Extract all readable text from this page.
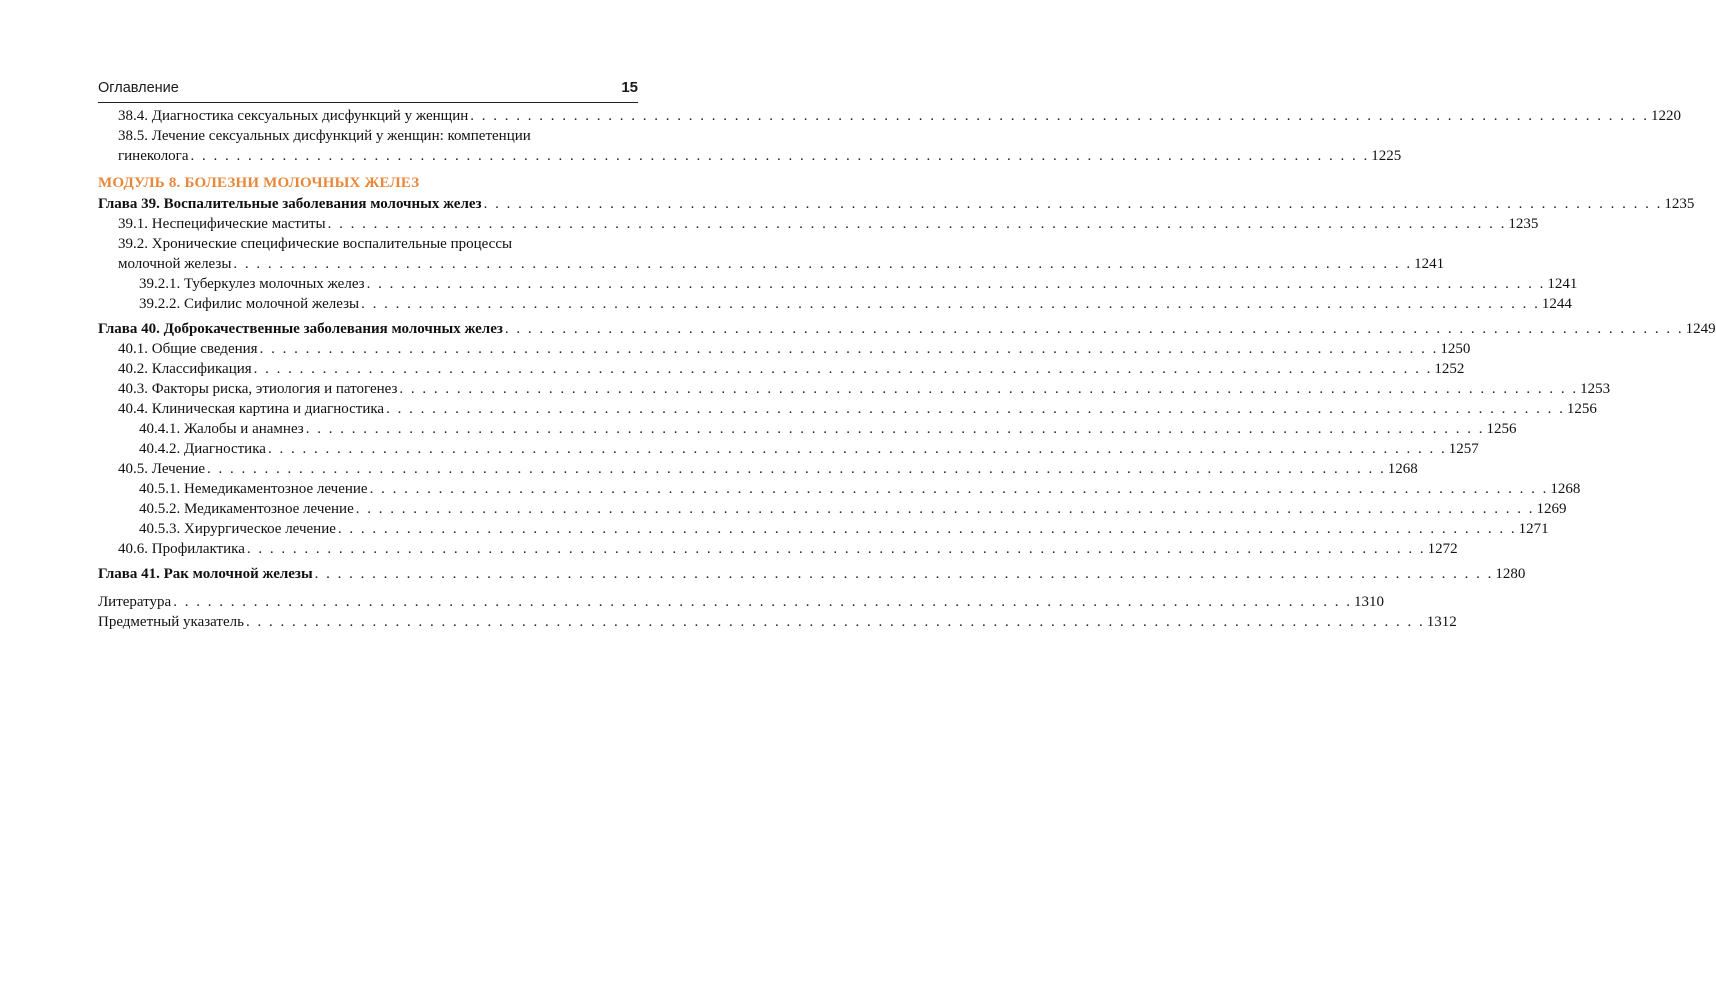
Оглавление	15
38.4. Диагностика сексуальных дисфункций у женщин . . . . . . . . . . . . . . . . . . . . . . . . . . . . . . . . . . . . . . . . . . . . . . . . . . . . . . . . . . . . . . . . . . . . . . . . . . . . . . . . . . . . . . . . . . . . . . . . . . . . . . . 1220
38.5. Лечение сексуальных дисфункций у женщин: компетенции
гинеколога . . . . . . . . . . . . . . . . . . . . . . . . . . . . . . . . . . . . . . . . . . . . . . . . . . . . . . . . . . . . . . . . . . . . . . . . . . . . . . . . . . . . . . . . . . . . . . . . . . . . . . . 1225
МОДУЛЬ 8. БОЛЕЗНИ МОЛОЧНЫХ ЖЕЛЕЗ
Глава 39. Воспалительные заболевания молочных желез . . . . . . . . . . . . . . . . . . . . . . . . . . . . . . . . . . . . . . . . . . . . . . . . . . . . . . . . . . . . . . . . . . . . . . . . . . . . . . . . . . . . . . . . . . . . . . . . . . . . . . . 1235
39.1. Неспецифические маститы . . . . . . . . . . . . . . . . . . . . . . . . . . . . . . . . . . . . . . . . . . . . . . . . . . . . . . . . . . . . . . . . . . . . . . . . . . . . . . . . . . . . . . . . . . . . . . . . . . . . . . . 1235
39.2. Хронические специфические воспалительные процессы
молочной железы . . . . . . . . . . . . . . . . . . . . . . . . . . . . . . . . . . . . . . . . . . . . . . . . . . . . . . . . . . . . . . . . . . . . . . . . . . . . . . . . . . . . . . . . . . . . . . . . . . . . . . . 1241
39.2.1. Туберкулез молочных желез . . . . . . . . . . . . . . . . . . . . . . . . . . . . . . . . . . . . . . . . . . . . . . . . . . . . . . . . . . . . . . . . . . . . . . . . . . . . . . . . . . . . . . . . . . . . . . . . . . . . . . . 1241
39.2.2. Сифилис молочной железы . . . . . . . . . . . . . . . . . . . . . . . . . . . . . . . . . . . . . . . . . . . . . . . . . . . . . . . . . . . . . . . . . . . . . . . . . . . . . . . . . . . . . . . . . . . . . . . . . . . . . . . 1244
Глава 40. Доброкачественные заболевания молочных желез . . . . . . . . . . . . . . . . . . . . . . . . . . . . . . . . . . . . . . . . . . . . . . . . . . . . . . . . . . . . . . . . . . . . . . . . . . . . . . . . . . . . . . . . . . . . . . . . . . . . . . . 1249
40.1. Общие сведения . . . . . . . . . . . . . . . . . . . . . . . . . . . . . . . . . . . . . . . . . . . . . . . . . . . . . . . . . . . . . . . . . . . . . . . . . . . . . . . . . . . . . . . . . . . . . . . . . . . . . . . 1250
40.2. Классификация . . . . . . . . . . . . . . . . . . . . . . . . . . . . . . . . . . . . . . . . . . . . . . . . . . . . . . . . . . . . . . . . . . . . . . . . . . . . . . . . . . . . . . . . . . . . . . . . . . . . . . . 1252
40.3. Факторы риска, этиология и патогенез . . . . . . . . . . . . . . . . . . . . . . . . . . . . . . . . . . . . . . . . . . . . . . . . . . . . . . . . . . . . . . . . . . . . . . . . . . . . . . . . . . . . . . . . . . . . . . . . . . . . . . . 1253
40.4. Клиническая картина и диагностика . . . . . . . . . . . . . . . . . . . . . . . . . . . . . . . . . . . . . . . . . . . . . . . . . . . . . . . . . . . . . . . . . . . . . . . . . . . . . . . . . . . . . . . . . . . . . . . . . . . . . . . 1256
40.4.1. Жалобы и анамнез . . . . . . . . . . . . . . . . . . . . . . . . . . . . . . . . . . . . . . . . . . . . . . . . . . . . . . . . . . . . . . . . . . . . . . . . . . . . . . . . . . . . . . . . . . . . . . . . . . . . . . . 1256
40.4.2. Диагностика . . . . . . . . . . . . . . . . . . . . . . . . . . . . . . . . . . . . . . . . . . . . . . . . . . . . . . . . . . . . . . . . . . . . . . . . . . . . . . . . . . . . . . . . . . . . . . . . . . . . . . . 1257
40.5. Лечение . . . . . . . . . . . . . . . . . . . . . . . . . . . . . . . . . . . . . . . . . . . . . . . . . . . . . . . . . . . . . . . . . . . . . . . . . . . . . . . . . . . . . . . . . . . . . . . . . . . . . . . 1268
40.5.1. Немедикаментозное лечение . . . . . . . . . . . . . . . . . . . . . . . . . . . . . . . . . . . . . . . . . . . . . . . . . . . . . . . . . . . . . . . . . . . . . . . . . . . . . . . . . . . . . . . . . . . . . . . . . . . . . . . 1268
40.5.2. Медикаментозное лечение . . . . . . . . . . . . . . . . . . . . . . . . . . . . . . . . . . . . . . . . . . . . . . . . . . . . . . . . . . . . . . . . . . . . . . . . . . . . . . . . . . . . . . . . . . . . . . . . . . . . . . . 1269
40.5.3. Хирургическое лечение . . . . . . . . . . . . . . . . . . . . . . . . . . . . . . . . . . . . . . . . . . . . . . . . . . . . . . . . . . . . . . . . . . . . . . . . . . . . . . . . . . . . . . . . . . . . . . . . . . . . . . . 1271
40.6. Профилактика . . . . . . . . . . . . . . . . . . . . . . . . . . . . . . . . . . . . . . . . . . . . . . . . . . . . . . . . . . . . . . . . . . . . . . . . . . . . . . . . . . . . . . . . . . . . . . . . . . . . . . . 1272
Глава 41. Рак молочной железы . . . . . . . . . . . . . . . . . . . . . . . . . . . . . . . . . . . . . . . . . . . . . . . . . . . . . . . . . . . . . . . . . . . . . . . . . . . . . . . . . . . . . . . . . . . . . . . . . . . . . . . 1280
Литература . . . . . . . . . . . . . . . . . . . . . . . . . . . . . . . . . . . . . . . . . . . . . . . . . . . . . . . . . . . . . . . . . . . . . . . . . . . . . . . . . . . . . . . . . . . . . . . . . . . . . . . 1310
Предметный указатель . . . . . . . . . . . . . . . . . . . . . . . . . . . . . . . . . . . . . . . . . . . . . . . . . . . . . . . . . . . . . . . . . . . . . . . . . . . . . . . . . . . . . . . . . . . . . . . . . . . . . . . 1312
